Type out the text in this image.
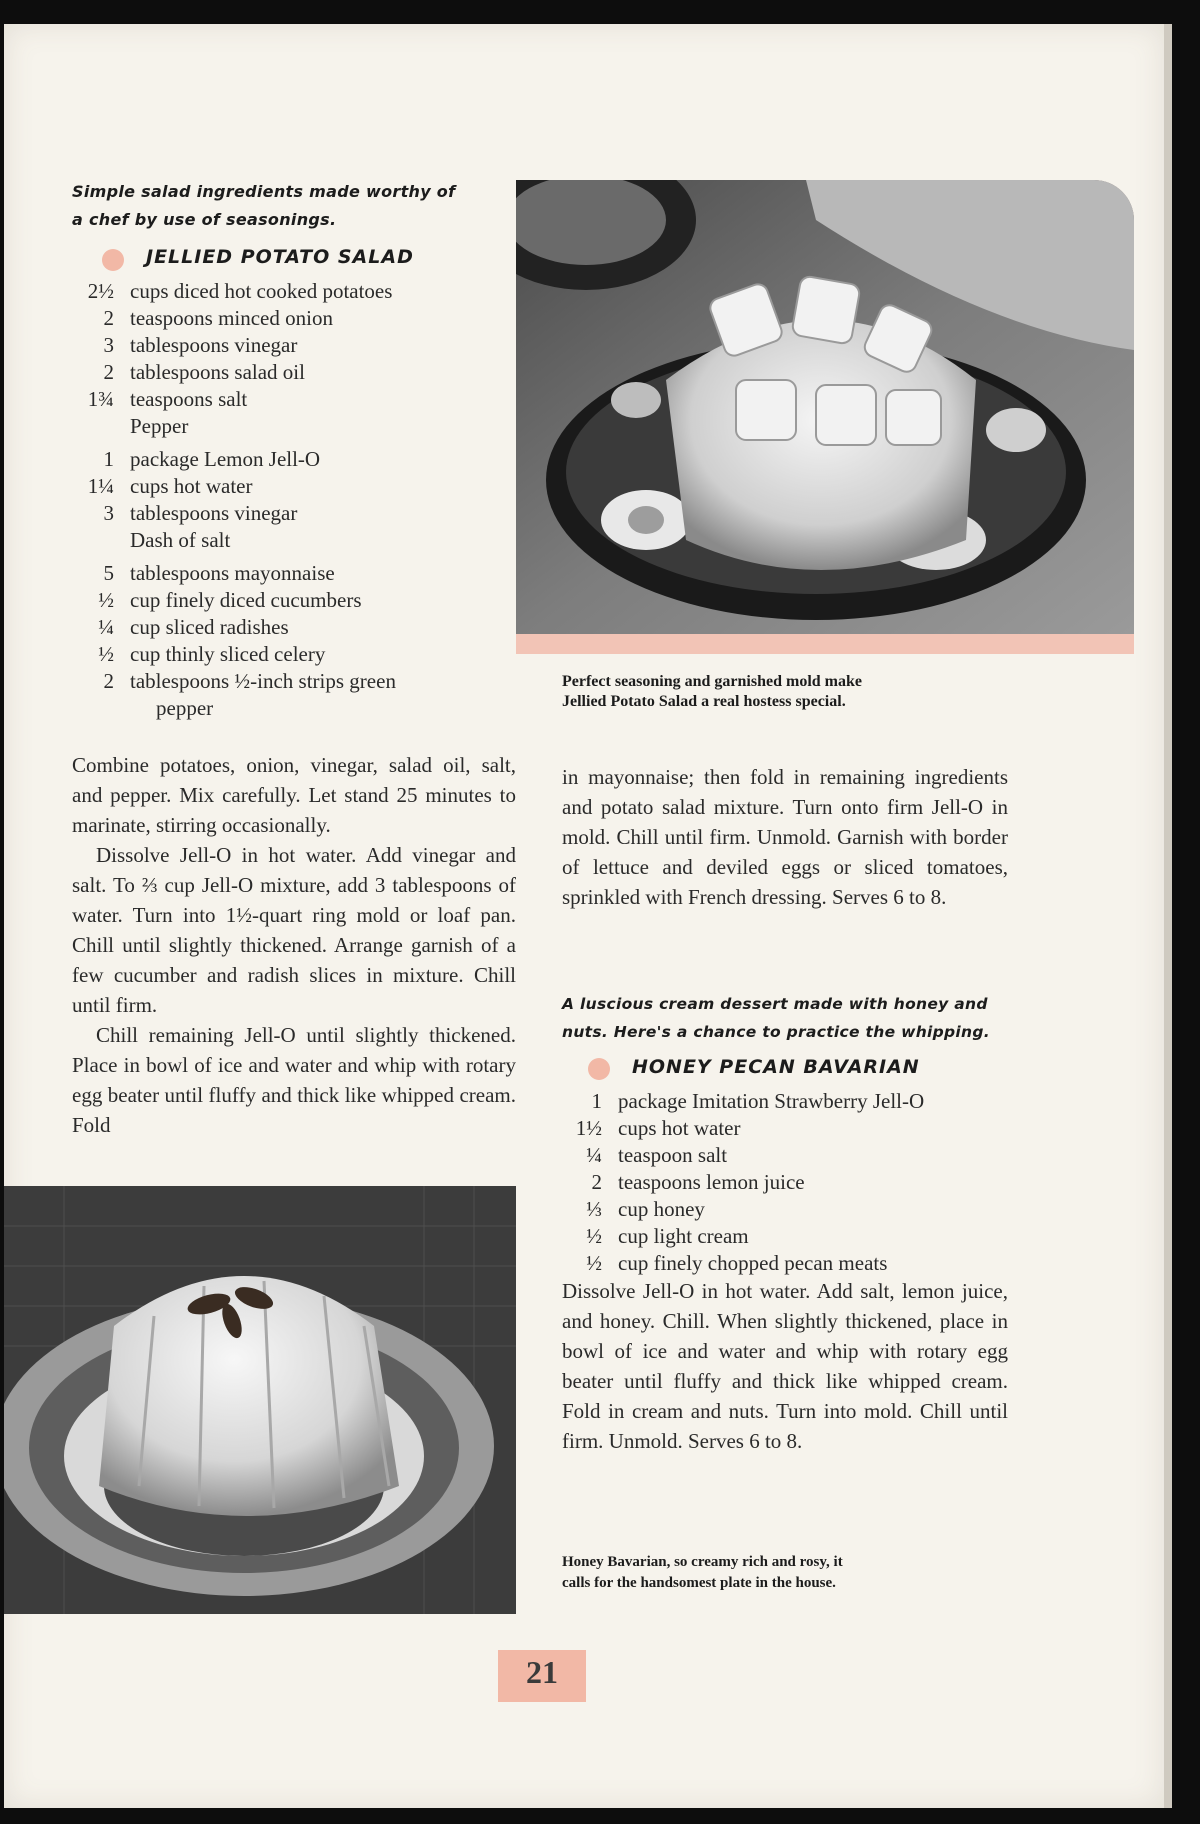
Simple salad ingredients made worthy of
a chef by use of seasonings.
JELLIED POTATO SALAD
2½ cups diced hot cooked potatoes
2 teaspoons minced onion
3 tablespoons vinegar
2 tablespoons salad oil
1¾ teaspoons salt
Pepper
1 package Lemon Jell-O
1¼ cups hot water
3 tablespoons vinegar
Dash of salt
5 tablespoons mayonnaise
½ cup finely diced cucumbers
¼ cup sliced radishes
½ cup thinly sliced celery
2 tablespoons ½-inch strips green
pepper

Combine potatoes, onion, vinegar, salad oil, salt, and pepper. Mix carefully. Let stand 25 minutes to marinate, stirring occasionally.

Dissolve Jell-O in hot water. Add vinegar and salt. To ⅔ cup Jell-O mixture, add 3 tablespoons of water. Turn into 1½-quart ring mold or loaf pan. Chill until slightly thickened. Arrange garnish of a few cucumber and radish slices in mixture. Chill until firm.

Chill remaining Jell-O until slightly thickened. Place in bowl of ice and water and whip with rotary egg beater until fluffy and thick like whipped cream. Fold

Perfect seasoning and garnished mold make
Jellied Potato Salad a real hostess special.
in mayonnaise; then fold in remaining ingredients and potato salad mixture. Turn onto firm Jell-O in mold. Chill until firm. Unmold. Garnish with border of lettuce and deviled eggs or sliced tomatoes, sprinkled with French dressing. Serves 6 to 8.
A luscious cream dessert made with honey and
nuts. Here's a chance to practice the whipping.
HONEY PECAN BAVARIAN
1 package Imitation Strawberry Jell-O
1½ cups hot water
¼ teaspoon salt
2 teaspoons lemon juice
⅓ cup honey
½ cup light cream
½ cup finely chopped pecan meats
Dissolve Jell-O in hot water. Add salt, lemon juice, and honey. Chill. When slightly thickened, place in bowl of ice and water and whip with rotary egg beater until fluffy and thick like whipped cream. Fold in cream and nuts. Turn into mold. Chill until firm. Unmold. Serves 6 to 8.
Honey Bavarian, so creamy rich and rosy, it
calls for the handsomest plate in the house.
21
